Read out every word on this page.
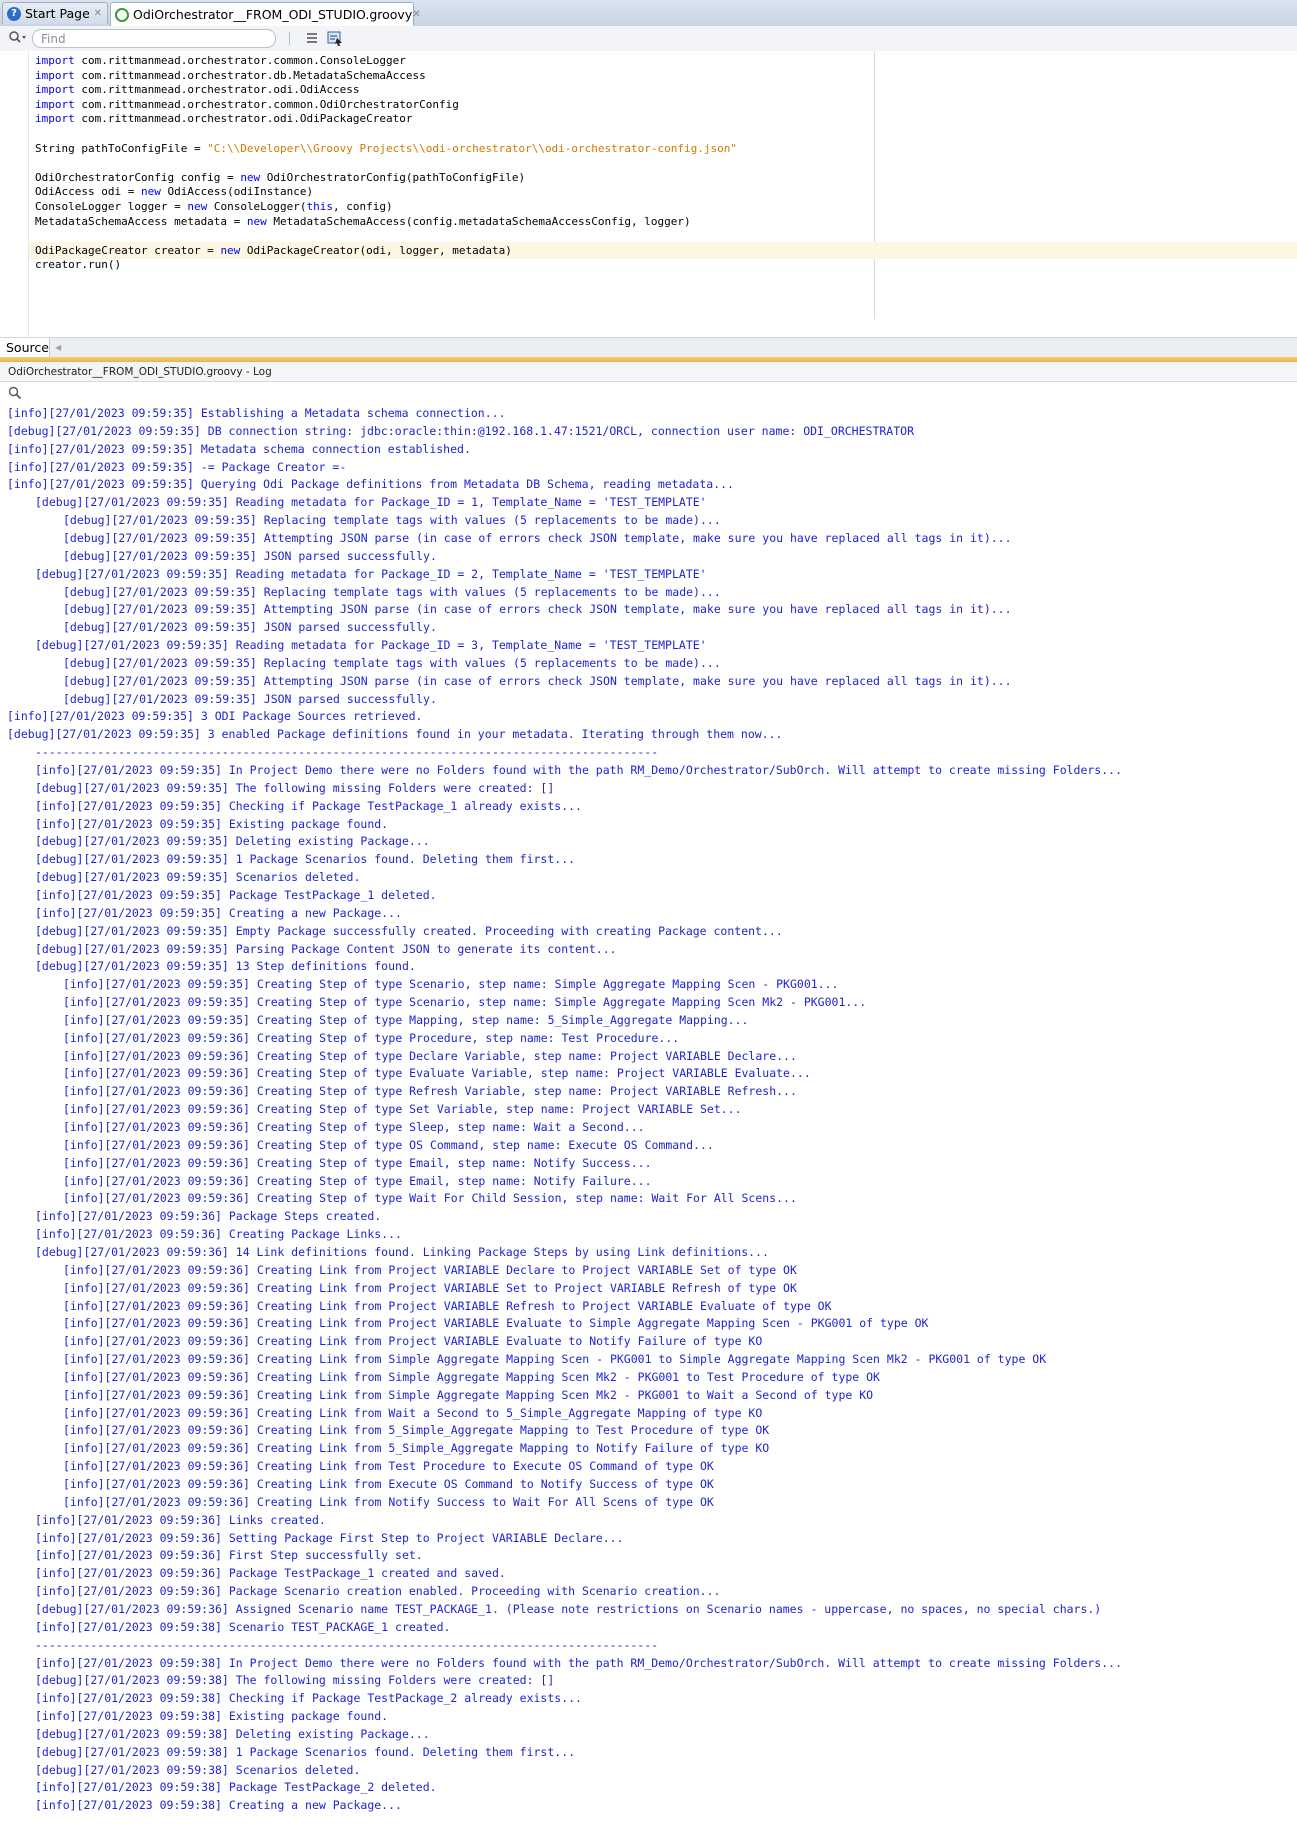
? Start Page ✕ OdiOrchestrator__FROM_ODI_STUDIO.groovy ✕
Find
import com.rittmanmead.orchestrator.common.ConsoleLogger
import com.rittmanmead.orchestrator.db.MetadataSchemaAccess
import com.rittmanmead.orchestrator.odi.OdiAccess
import com.rittmanmead.orchestrator.common.OdiOrchestratorConfig
import com.rittmanmead.orchestrator.odi.OdiPackageCreator
String pathToConfigFile = "C:\\Developer\\Groovy Projects\\odi-orchestrator\\odi-orchestrator-config.json"
OdiOrchestratorConfig config = new OdiOrchestratorConfig(pathToConfigFile)
OdiAccess odi = new OdiAccess(odiInstance)
ConsoleLogger logger = new ConsoleLogger(this, config)
MetadataSchemaAccess metadata = new MetadataSchemaAccess(config.metadataSchemaAccessConfig, logger)
OdiPackageCreator creator = new OdiPackageCreator(odi, logger, metadata)
creator.run()
Source ◀
OdiOrchestrator__FROM_ODI_STUDIO.groovy - Log
[info][27/01/2023 09:59:35] Establishing a Metadata schema connection...
[debug][27/01/2023 09:59:35] DB connection string: jdbc:oracle:thin:@192.168.1.47:1521/ORCL, connection user name: ODI_ORCHESTRATOR
[info][27/01/2023 09:59:35] Metadata schema connection established.
[info][27/01/2023 09:59:35] -= Package Creator =-
[info][27/01/2023 09:59:35] Querying Odi Package definitions from Metadata DB Schema, reading metadata...
[debug][27/01/2023 09:59:35] Reading metadata for Package_ID = 1, Template_Name = 'TEST_TEMPLATE'
[debug][27/01/2023 09:59:35] Replacing template tags with values (5 replacements to be made)...
[debug][27/01/2023 09:59:35] Attempting JSON parse (in case of errors check JSON template, make sure you have replaced all tags in it)...
[debug][27/01/2023 09:59:35] JSON parsed successfully.
[debug][27/01/2023 09:59:35] Reading metadata for Package_ID = 2, Template_Name = 'TEST_TEMPLATE'
[debug][27/01/2023 09:59:35] Replacing template tags with values (5 replacements to be made)...
[debug][27/01/2023 09:59:35] Attempting JSON parse (in case of errors check JSON template, make sure you have replaced all tags in it)...
[debug][27/01/2023 09:59:35] JSON parsed successfully.
[debug][27/01/2023 09:59:35] Reading metadata for Package_ID = 3, Template_Name = 'TEST_TEMPLATE'
[debug][27/01/2023 09:59:35] Replacing template tags with values (5 replacements to be made)...
[debug][27/01/2023 09:59:35] Attempting JSON parse (in case of errors check JSON template, make sure you have replaced all tags in it)...
[debug][27/01/2023 09:59:35] JSON parsed successfully.
[info][27/01/2023 09:59:35] 3 ODI Package Sources retrieved.
[debug][27/01/2023 09:59:35] 3 enabled Package definitions found in your metadata. Iterating through them now...
------------------------------------------------------------------------------------------
[info][27/01/2023 09:59:35] In Project Demo there were no Folders found with the path RM_Demo/Orchestrator/SubOrch. Will attempt to create missing Folders...
[debug][27/01/2023 09:59:35] The following missing Folders were created: []
[info][27/01/2023 09:59:35] Checking if Package TestPackage_1 already exists...
[info][27/01/2023 09:59:35] Existing package found.
[debug][27/01/2023 09:59:35] Deleting existing Package...
[debug][27/01/2023 09:59:35] 1 Package Scenarios found. Deleting them first...
[debug][27/01/2023 09:59:35] Scenarios deleted.
[info][27/01/2023 09:59:35] Package TestPackage_1 deleted.
[info][27/01/2023 09:59:35] Creating a new Package...
[debug][27/01/2023 09:59:35] Empty Package successfully created. Proceeding with creating Package content...
[debug][27/01/2023 09:59:35] Parsing Package Content JSON to generate its content...
[debug][27/01/2023 09:59:35] 13 Step definitions found.
[info][27/01/2023 09:59:35] Creating Step of type Scenario, step name: Simple Aggregate Mapping Scen - PKG001...
[info][27/01/2023 09:59:35] Creating Step of type Scenario, step name: Simple Aggregate Mapping Scen Mk2 - PKG001...
[info][27/01/2023 09:59:35] Creating Step of type Mapping, step name: 5_Simple_Aggregate Mapping...
[info][27/01/2023 09:59:36] Creating Step of type Procedure, step name: Test Procedure...
[info][27/01/2023 09:59:36] Creating Step of type Declare Variable, step name: Project VARIABLE Declare...
[info][27/01/2023 09:59:36] Creating Step of type Evaluate Variable, step name: Project VARIABLE Evaluate...
[info][27/01/2023 09:59:36] Creating Step of type Refresh Variable, step name: Project VARIABLE Refresh...
[info][27/01/2023 09:59:36] Creating Step of type Set Variable, step name: Project VARIABLE Set...
[info][27/01/2023 09:59:36] Creating Step of type Sleep, step name: Wait a Second...
[info][27/01/2023 09:59:36] Creating Step of type OS Command, step name: Execute OS Command...
[info][27/01/2023 09:59:36] Creating Step of type Email, step name: Notify Success...
[info][27/01/2023 09:59:36] Creating Step of type Email, step name: Notify Failure...
[info][27/01/2023 09:59:36] Creating Step of type Wait For Child Session, step name: Wait For All Scens...
[info][27/01/2023 09:59:36] Package Steps created.
[info][27/01/2023 09:59:36] Creating Package Links...
[debug][27/01/2023 09:59:36] 14 Link definitions found. Linking Package Steps by using Link definitions...
[info][27/01/2023 09:59:36] Creating Link from Project VARIABLE Declare to Project VARIABLE Set of type OK
[info][27/01/2023 09:59:36] Creating Link from Project VARIABLE Set to Project VARIABLE Refresh of type OK
[info][27/01/2023 09:59:36] Creating Link from Project VARIABLE Refresh to Project VARIABLE Evaluate of type OK
[info][27/01/2023 09:59:36] Creating Link from Project VARIABLE Evaluate to Simple Aggregate Mapping Scen - PKG001 of type OK
[info][27/01/2023 09:59:36] Creating Link from Project VARIABLE Evaluate to Notify Failure of type KO
[info][27/01/2023 09:59:36] Creating Link from Simple Aggregate Mapping Scen - PKG001 to Simple Aggregate Mapping Scen Mk2 - PKG001 of type OK
[info][27/01/2023 09:59:36] Creating Link from Simple Aggregate Mapping Scen Mk2 - PKG001 to Test Procedure of type OK
[info][27/01/2023 09:59:36] Creating Link from Simple Aggregate Mapping Scen Mk2 - PKG001 to Wait a Second of type KO
[info][27/01/2023 09:59:36] Creating Link from Wait a Second to 5_Simple_Aggregate Mapping of type KO
[info][27/01/2023 09:59:36] Creating Link from 5_Simple_Aggregate Mapping to Test Procedure of type OK
[info][27/01/2023 09:59:36] Creating Link from 5_Simple_Aggregate Mapping to Notify Failure of type KO
[info][27/01/2023 09:59:36] Creating Link from Test Procedure to Execute OS Command of type OK
[info][27/01/2023 09:59:36] Creating Link from Execute OS Command to Notify Success of type OK
[info][27/01/2023 09:59:36] Creating Link from Notify Success to Wait For All Scens of type OK
[info][27/01/2023 09:59:36] Links created.
[info][27/01/2023 09:59:36] Setting Package First Step to Project VARIABLE Declare...
[info][27/01/2023 09:59:36] First Step successfully set.
[info][27/01/2023 09:59:36] Package TestPackage_1 created and saved.
[info][27/01/2023 09:59:36] Package Scenario creation enabled. Proceeding with Scenario creation...
[debug][27/01/2023 09:59:36] Assigned Scenario name TEST_PACKAGE_1. (Please note restrictions on Scenario names - uppercase, no spaces, no special chars.)
[info][27/01/2023 09:59:38] Scenario TEST_PACKAGE_1 created.
------------------------------------------------------------------------------------------
[info][27/01/2023 09:59:38] In Project Demo there were no Folders found with the path RM_Demo/Orchestrator/SubOrch. Will attempt to create missing Folders...
[debug][27/01/2023 09:59:38] The following missing Folders were created: []
[info][27/01/2023 09:59:38] Checking if Package TestPackage_2 already exists...
[info][27/01/2023 09:59:38] Existing package found.
[debug][27/01/2023 09:59:38] Deleting existing Package...
[debug][27/01/2023 09:59:38] 1 Package Scenarios found. Deleting them first...
[debug][27/01/2023 09:59:38] Scenarios deleted.
[info][27/01/2023 09:59:38] Package TestPackage_2 deleted.
[info][27/01/2023 09:59:38] Creating a new Package...
